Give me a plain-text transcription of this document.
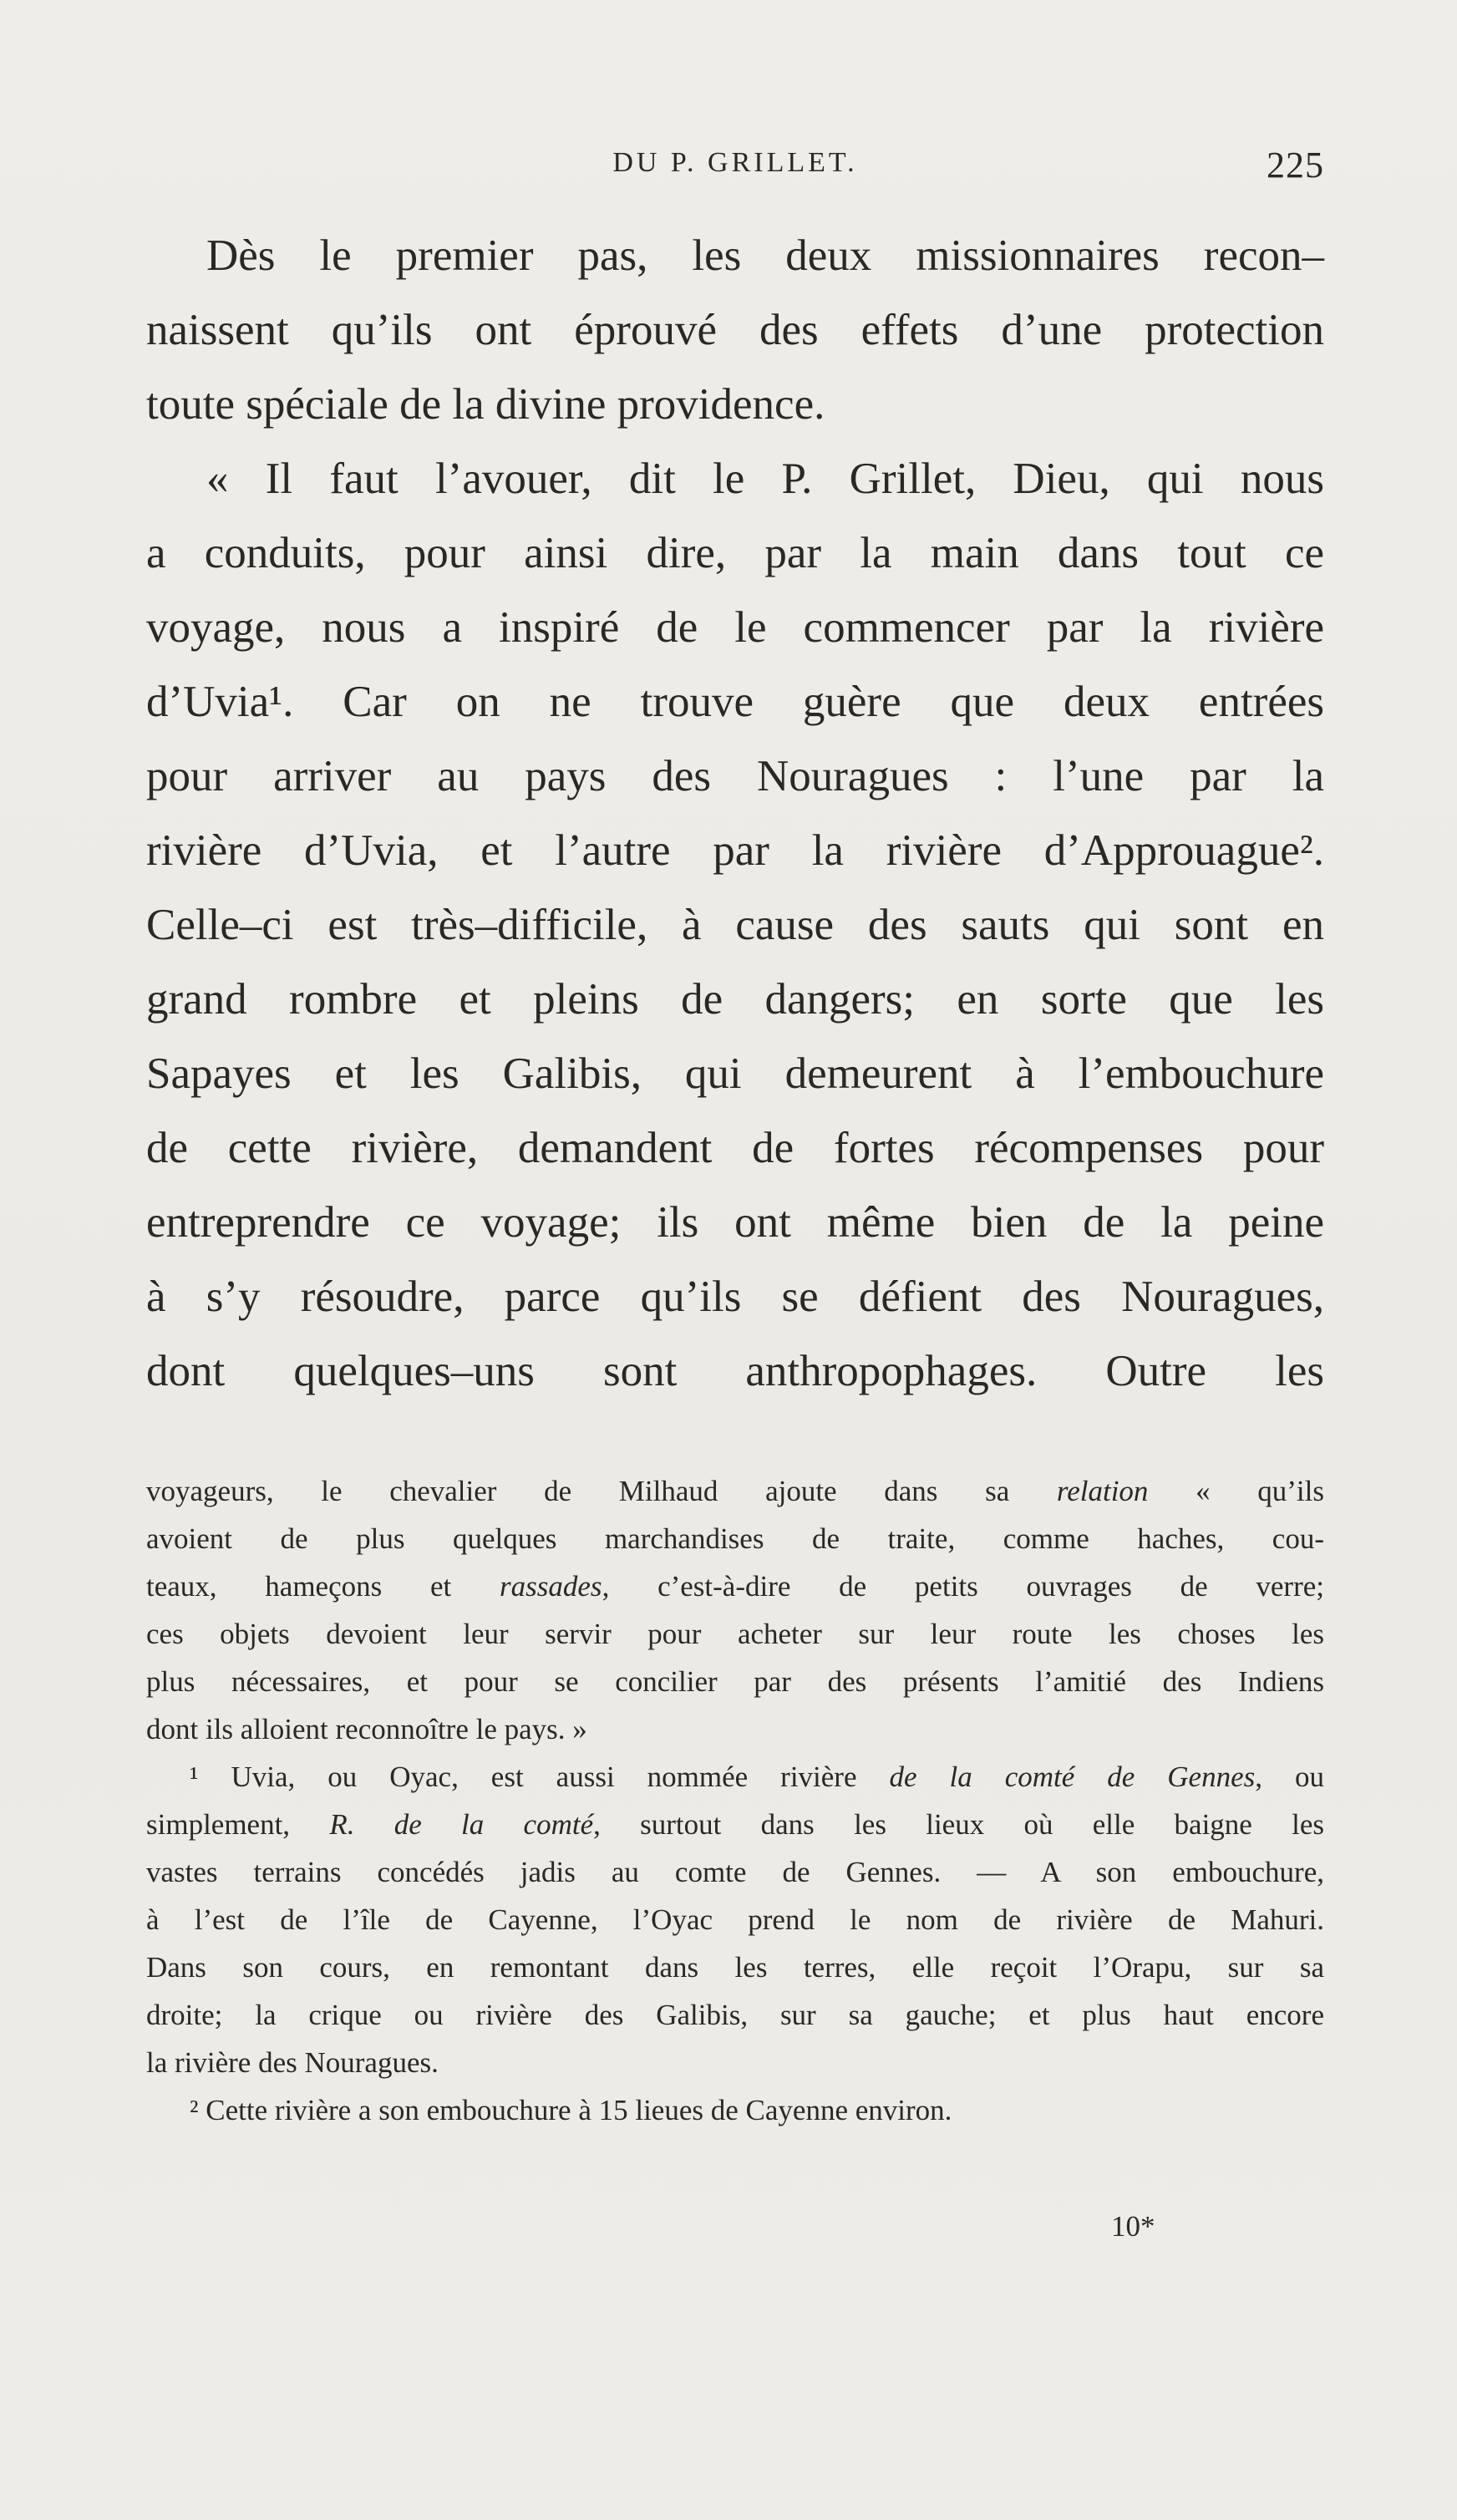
DU P. GRILLET.	225
Dès le premier pas, les deux missionnaires recon–
naissent qu’ils ont éprouvé des effets d’une protection
toute spéciale de la divine providence.
« Il faut l’avouer, dit le P. Grillet, Dieu, qui nous
a conduits, pour ainsi dire, par la main dans tout ce
voyage, nous a inspiré de le commencer par la rivière
d’Uvia¹. Car on ne trouve guère que deux entrées
pour arriver au pays des Nouragues : l’une par la
rivière d’Uvia, et l’autre par la rivière d’Approuague².
Celle–ci est très–difficile, à cause des sauts qui sont en
grand rombre et pleins de dangers; en sorte que les
Sapayes et les Galibis, qui demeurent à l’embouchure
de cette rivière, demandent de fortes récompenses pour
entreprendre ce voyage; ils ont même bien de la peine
à s’y résoudre, parce qu’ils se défient des Nouragues,
dont quelques–uns sont anthropophages. Outre les
voyageurs, le chevalier de Milhaud ajoute dans sa relation « qu’ils
avoient de plus quelques marchandises de traite, comme haches, cou-
teaux, hameçons et rassades, c’est-à-dire de petits ouvrages de verre;
ces objets devoient leur servir pour acheter sur leur route les choses les
plus nécessaires, et pour se concilier par des présents l’amitié des Indiens
dont ils alloient reconnoître le pays. »
¹ Uvia, ou Oyac, est aussi nommée rivière de la comté de Gennes, ou
simplement, R. de la comté, surtout dans les lieux où elle baigne les
vastes terrains concédés jadis au comte de Gennes. — A son embouchure,
à l’est de l’île de Cayenne, l’Oyac prend le nom de rivière de Mahuri.
Dans son cours, en remontant dans les terres, elle reçoit l’Orapu, sur sa
droite; la crique ou rivière des Galibis, sur sa gauche; et plus haut encore
la rivière des Nouragues.
² Cette rivière a son embouchure à 15 lieues de Cayenne environ.
10*
